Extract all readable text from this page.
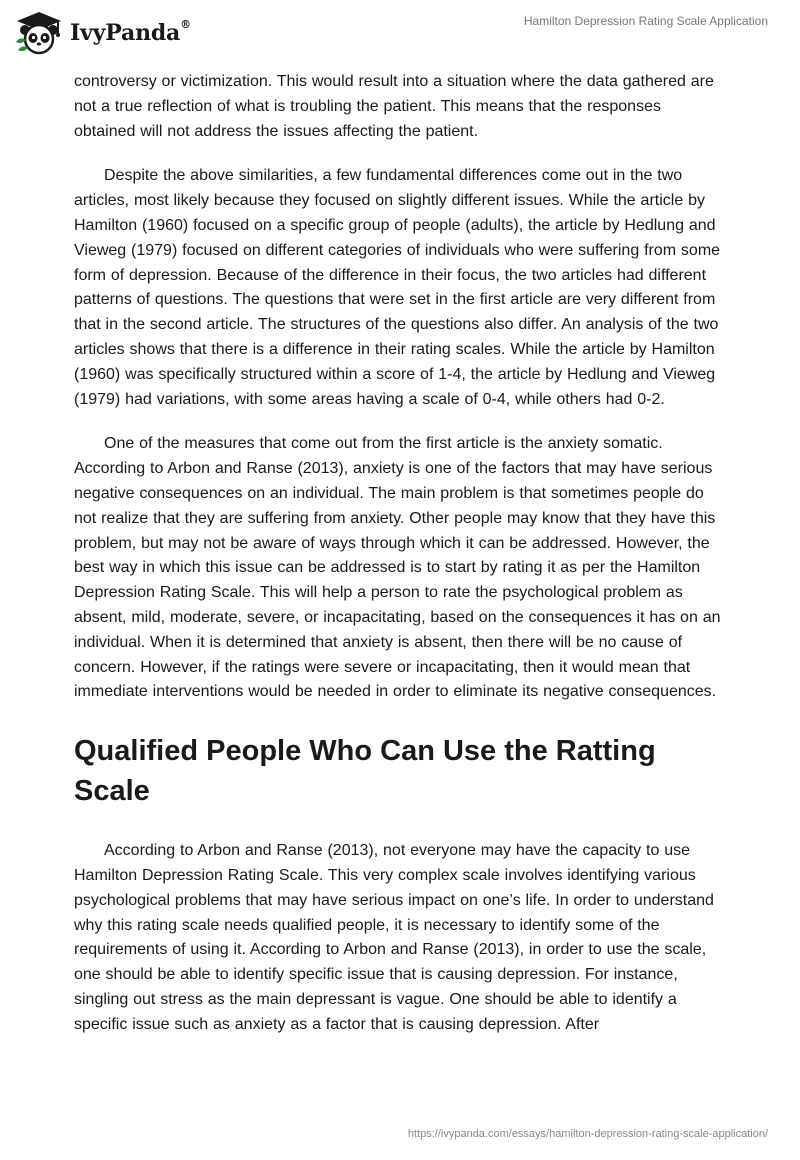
IvyPanda®	Hamilton Depression Rating Scale Application

controversy or victimization. This would result into a situation where the data gathered are not a true reflection of what is troubling the patient. This means that the responses obtained will not address the issues affecting the patient.

Despite the above similarities, a few fundamental differences come out in the two articles, most likely because they focused on slightly different issues. While the article by Hamilton (1960) focused on a specific group of people (adults), the article by Hedlung and Vieweg (1979) focused on different categories of individuals who were suffering from some form of depression. Because of the difference in their focus, the two articles had different patterns of questions. The questions that were set in the first article are very different from that in the second article. The structures of the questions also differ. An analysis of the two articles shows that there is a difference in their rating scales. While the article by Hamilton (1960) was specifically structured within a score of 1-4, the article by Hedlung and Vieweg (1979) had variations, with some areas having a scale of 0-4, while others had 0-2.

One of the measures that come out from the first article is the anxiety somatic. According to Arbon and Ranse (2013), anxiety is one of the factors that may have serious negative consequences on an individual. The main problem is that sometimes people do not realize that they are suffering from anxiety. Other people may know that they have this problem, but may not be aware of ways through which it can be addressed. However, the best way in which this issue can be addressed is to start by rating it as per the Hamilton Depression Rating Scale. This will help a person to rate the psychological problem as absent, mild, moderate, severe, or incapacitating, based on the consequences it has on an individual. When it is determined that anxiety is absent, then there will be no cause of concern. However, if the ratings were severe or incapacitating, then it would mean that immediate interventions would be needed in order to eliminate its negative consequences.

Qualified People Who Can Use the Ratting Scale

According to Arbon and Ranse (2013), not everyone may have the capacity to use Hamilton Depression Rating Scale. This very complex scale involves identifying various psychological problems that may have serious impact on one’s life. In order to understand why this rating scale needs qualified people, it is necessary to identify some of the requirements of using it. According to Arbon and Ranse (2013), in order to use the scale, one should be able to identify specific issue that is causing depression. For instance, singling out stress as the main depressant is vague. One should be able to identify a specific issue such as anxiety as a factor that is causing depression. After

https://ivypanda.com/essays/hamilton-depression-rating-scale-application/
